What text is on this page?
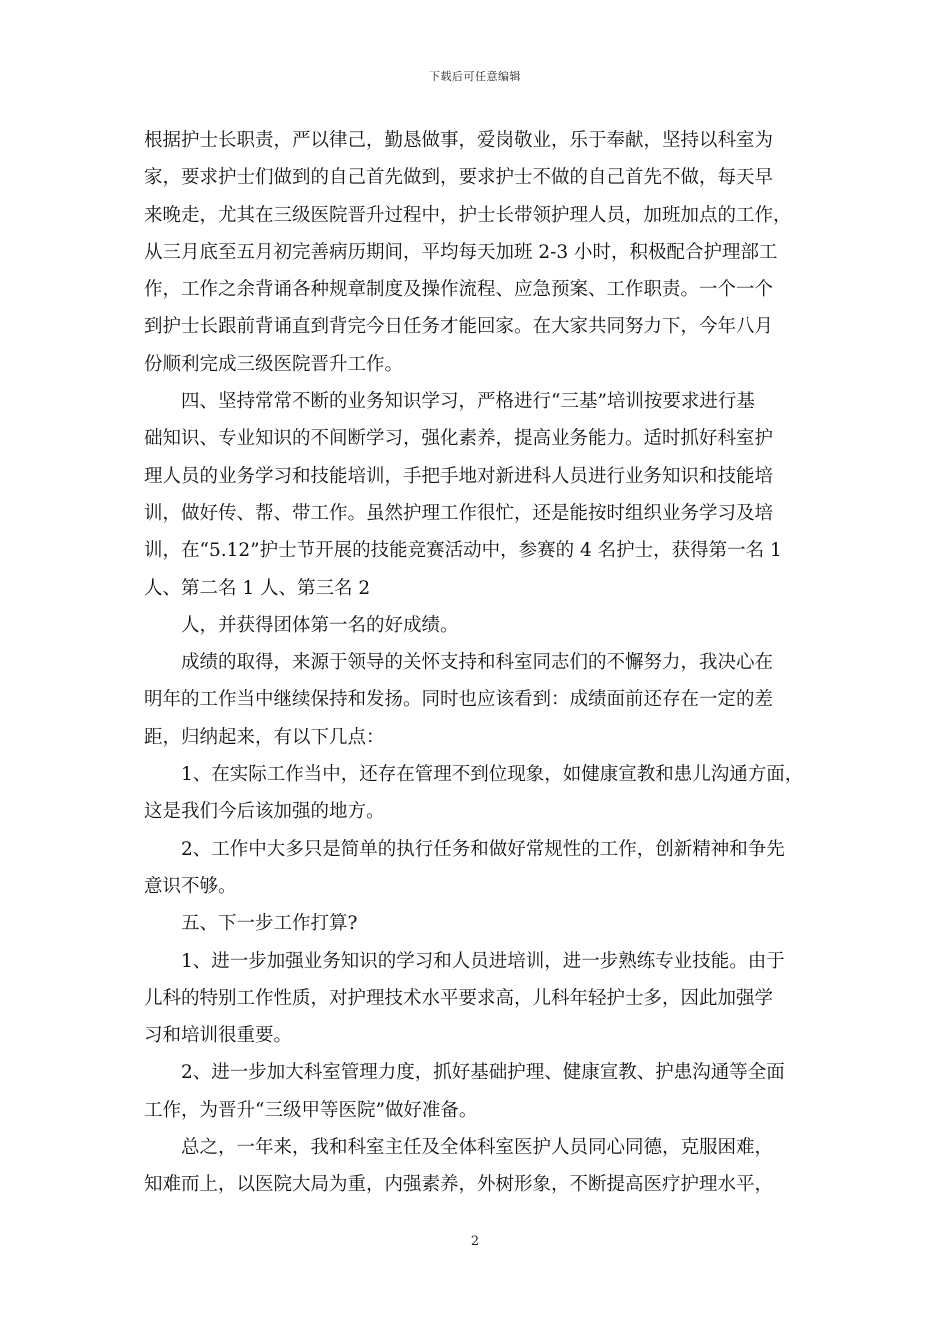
下载后可任意编辑
根据护士长职责，严以律己，勤恳做事，爱岗敬业，乐于奉献，坚持以科室为
家，要求护士们做到的自己首先做到，要求护士不做的自己首先不做，每天早
来晚走，尤其在三级医院晋升过程中，护士长带领护理人员，加班加点的工作，
从三月底至五月初完善病历期间，平均每天加班 2-3 小时，积极配合护理部工
作，工作之余背诵各种规章制度及操作流程、应急预案、工作职责。一个一个
到护士长跟前背诵直到背完今日任务才能回家。在大家共同努力下，今年八月
份顺利完成三级医院晋升工作。
四、坚持常常不断的业务知识学习，严格进行“三基”培训按要求进行基
础知识、专业知识的不间断学习，强化素养，提高业务能力。适时抓好科室护
理人员的业务学习和技能培训，手把手地对新进科人员进行业务知识和技能培
训，做好传、帮、带工作。虽然护理工作很忙，还是能按时组织业务学习及培
训，在“5.12”护士节开展的技能竞赛活动中，参赛的 4 名护士，获得第一名 1
人、第二名 1 人、第三名 2
人，并获得团体第一名的好成绩。
成绩的取得，来源于领导的关怀支持和科室同志们的不懈努力，我决心在
明年的工作当中继续保持和发扬。同时也应该看到：成绩面前还存在一定的差
距，归纳起来，有以下几点：
1、在实际工作当中，还存在管理不到位现象，如健康宣教和患儿沟通方面，
这是我们今后该加强的地方。
2、工作中大多只是简单的执行任务和做好常规性的工作，创新精神和争先
意识不够。
五、下一步工作打算?
1、进一步加强业务知识的学习和人员进培训，进一步熟练专业技能。由于
儿科的特别工作性质，对护理技术水平要求高，儿科年轻护士多，因此加强学
习和培训很重要。
2、进一步加大科室管理力度，抓好基础护理、健康宣教、护患沟通等全面
工作，为晋升“三级甲等医院”做好准备。
总之，一年来，我和科室主任及全体科室医护人员同心同德，克服困难，
知难而上，以医院大局为重，内强素养，外树形象，不断提高医疗护理水平，
2
